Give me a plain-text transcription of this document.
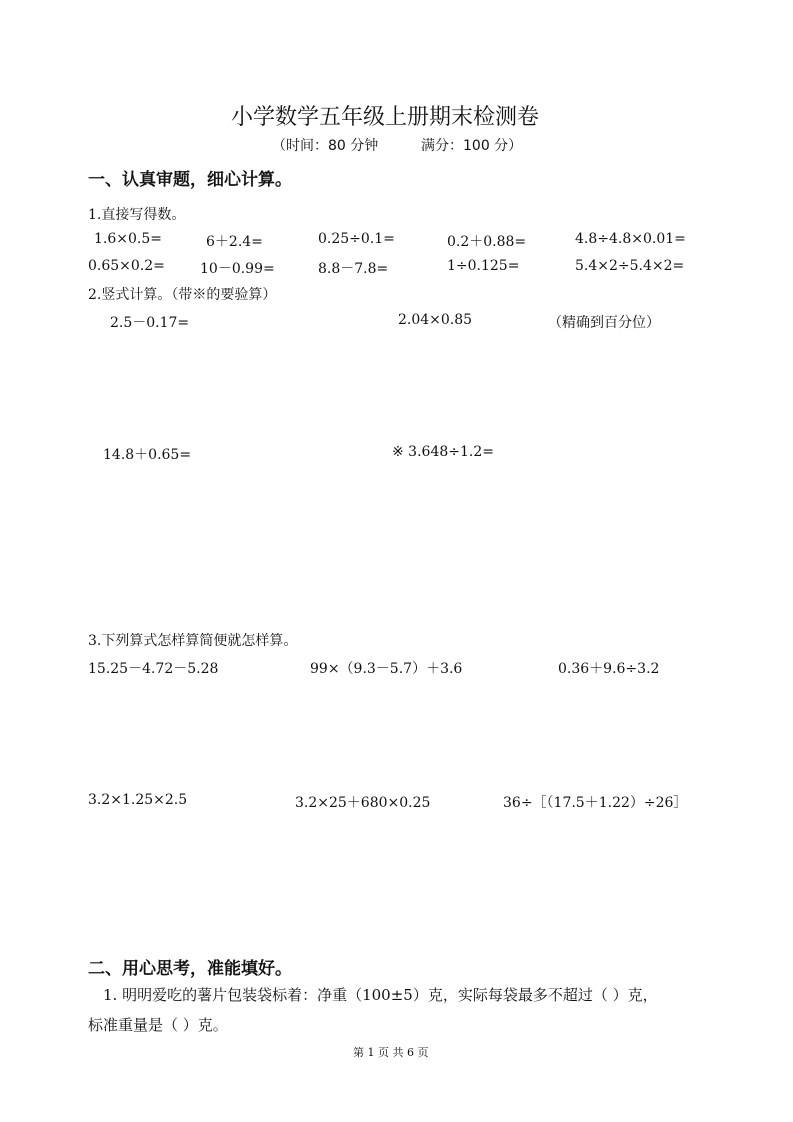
小学数学五年级上册期末检测卷
（时间：80 分钟	满分：100 分）
一、认真审题，细心计算。
1.直接写得数。
1.6×0.5=	6＋2.4=	0.25÷0.1=	0.2＋0.88=	4.8÷4.8×0.01=
0.65×0.2=	10－0.99=	8.8－7.8=	1÷0.125=	5.4×2÷5.4×2=
2.竖式计算。（带※的要验算）
2.5－0.17=	2.04×0.85	（精确到百分位）
14.8＋0.65=	※ 3.648÷1.2=
3.下列算式怎样算简便就怎样算。
15.25－4.72－5.28	99×（9.3－5.7）＋3.6	0.36＋9.6÷3.2
3.2×1.25×2.5	3.2×25＋680×0.25	36÷［（17.5＋1.22）÷26］
二、用心思考，准能填好。
1. 明明爱吃的薯片包装袋标着：净重（100±5）克，实际每袋最多不超过（ ）克，
标准重量是（ ）克。
第 1 页 共 6 页
